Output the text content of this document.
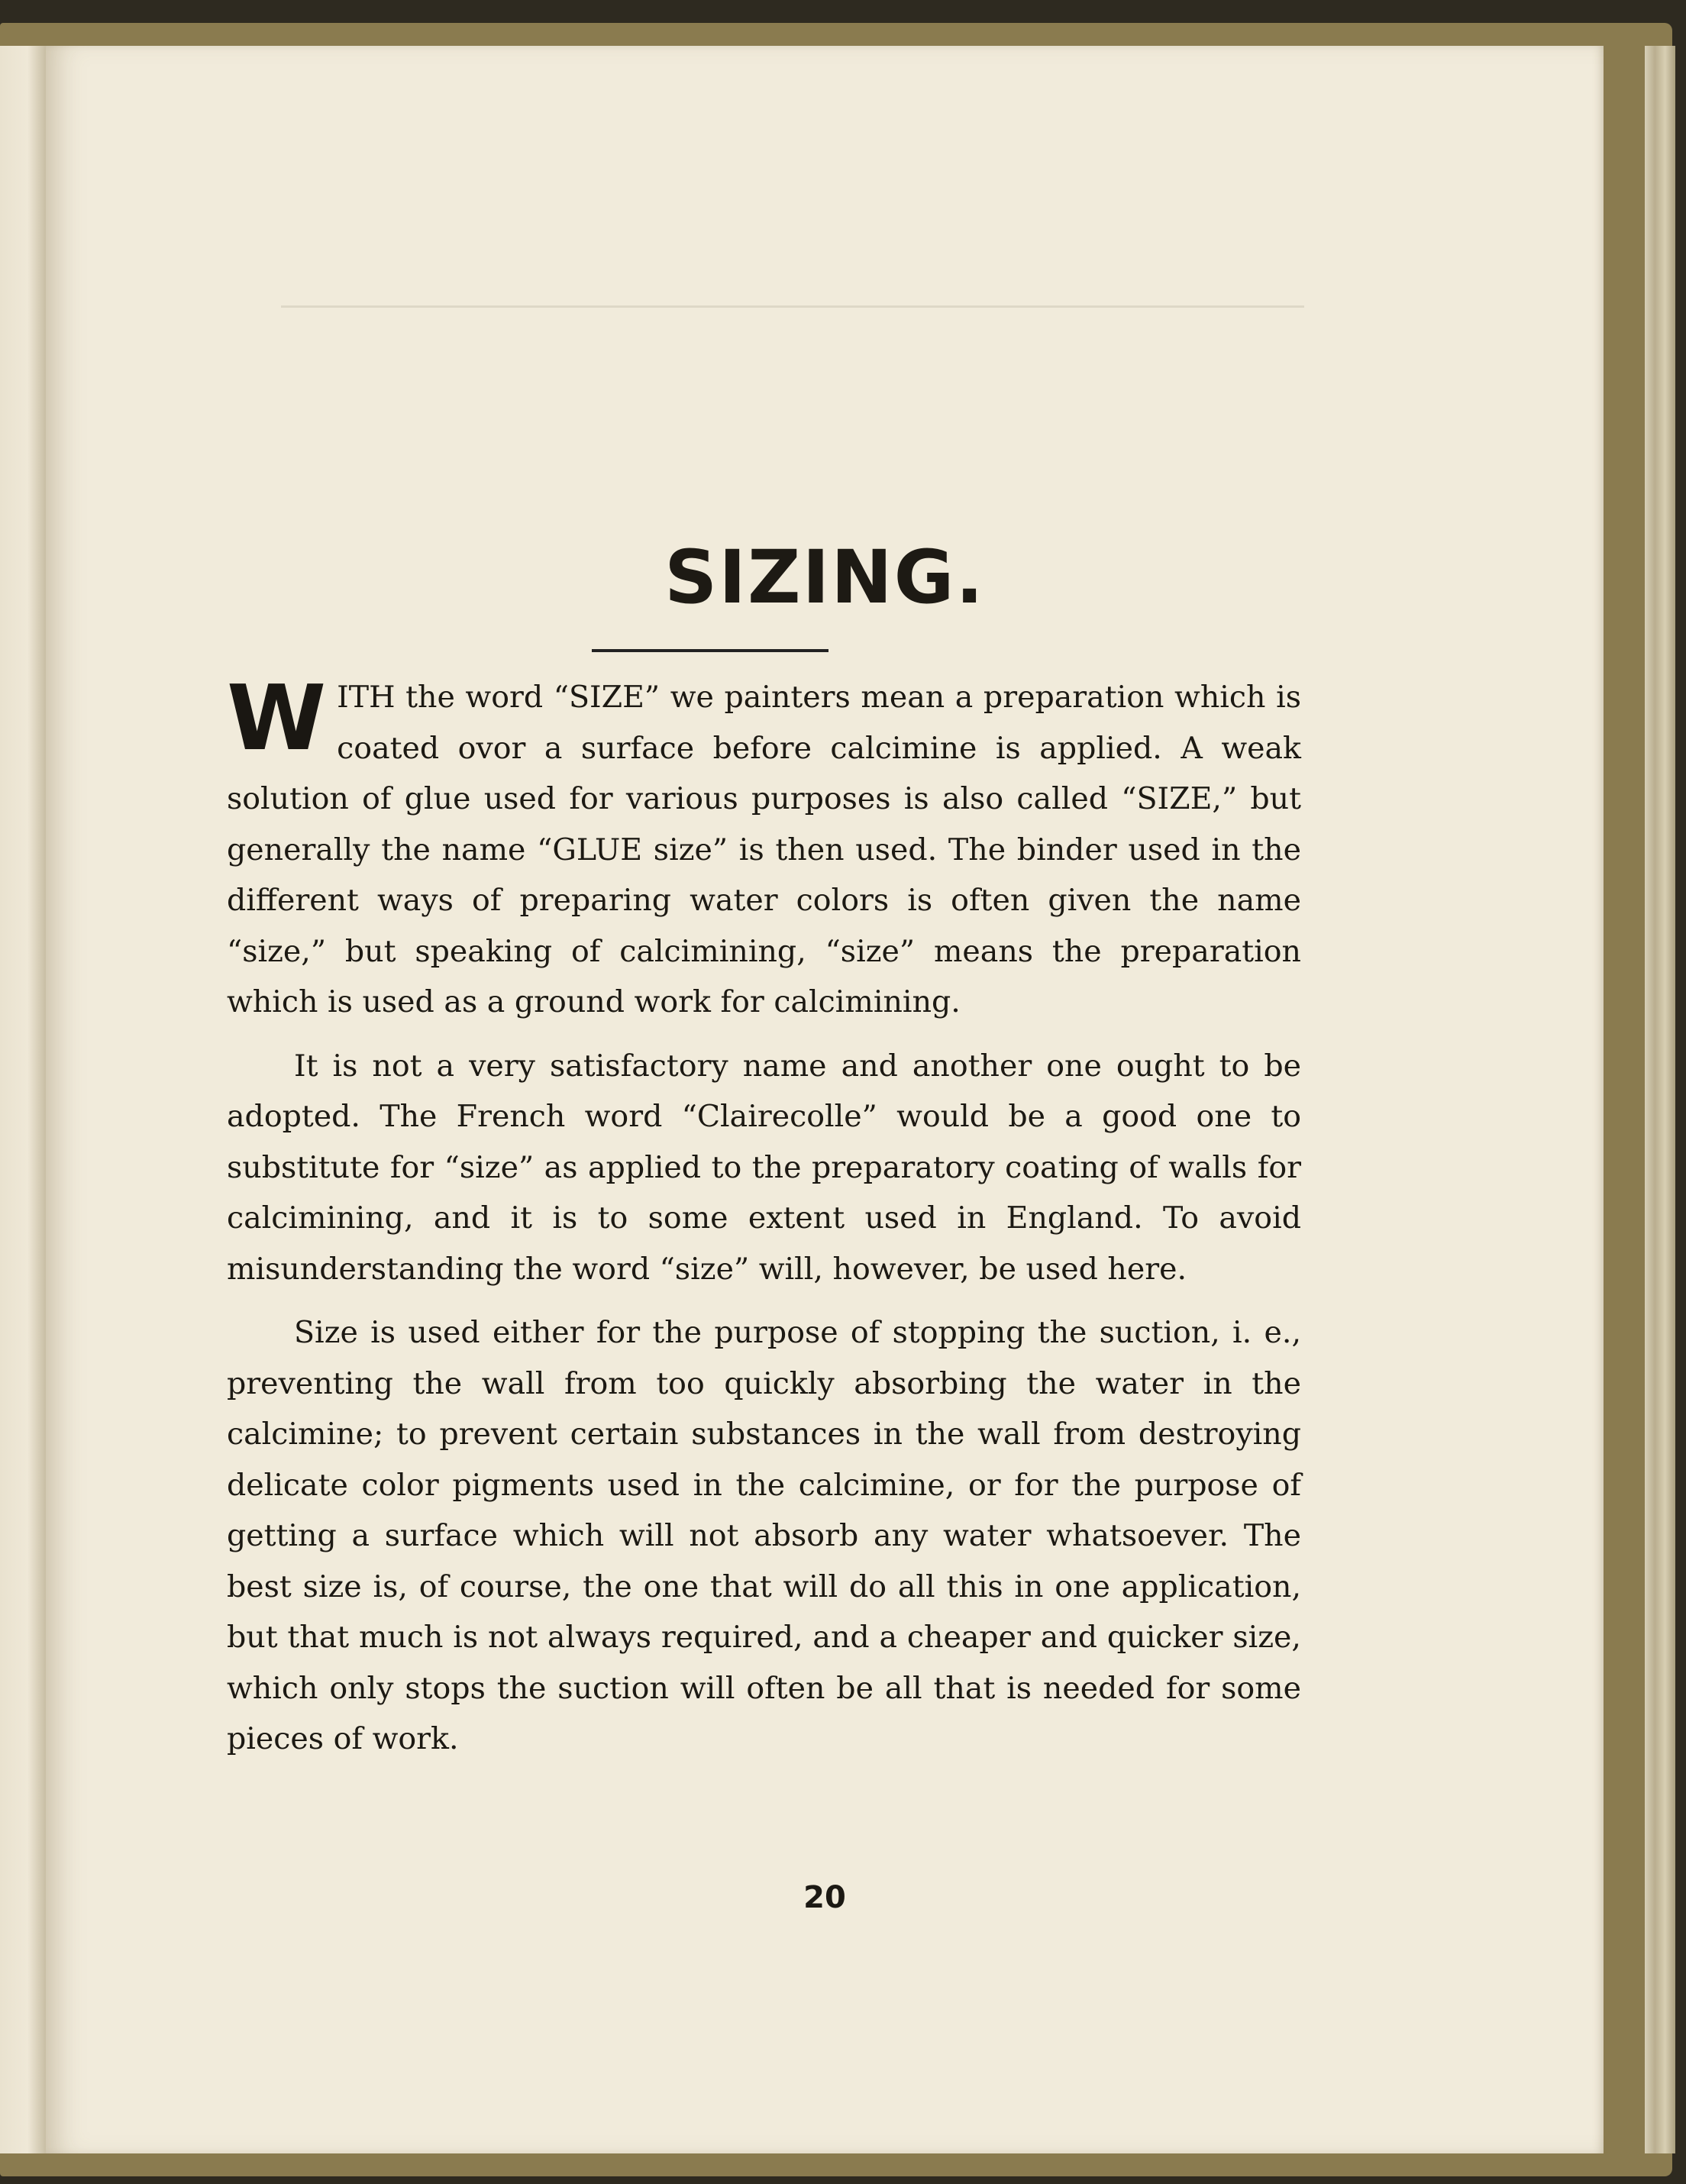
SIZING.

WITH the word “SIZE” we painters mean a preparation which is coated ovor a surface before calcimine is applied. A weak solution of glue used for various purposes is also called “SIZE,” but generally the name “GLUE size” is then used. The binder used in the different ways of preparing water colors is often given the name “size,” but speaking of calcimining, “size” means the preparation which is used as a ground work for calcimining.

It is not a very satisfactory name and another one ought to be adopted. The French word “Clairecolle” would be a good one to substitute for “size” as applied to the preparatory coating of walls for calcimining, and it is to some extent used in England. To avoid misunderstanding the word “size” will, however, be used here.

Size is used either for the purpose of stopping the suction, i. e., preventing the wall from too quickly absorbing the water in the calcimine; to prevent certain substances in the wall from destroying delicate color pigments used in the calcimine, or for the purpose of getting a surface which will not absorb any water whatsoever. The best size is, of course, the one that will do all this in one application, but that much is not always required, and a cheaper and quicker size, which only stops the suction will often be all that is needed for some pieces of work.

20
